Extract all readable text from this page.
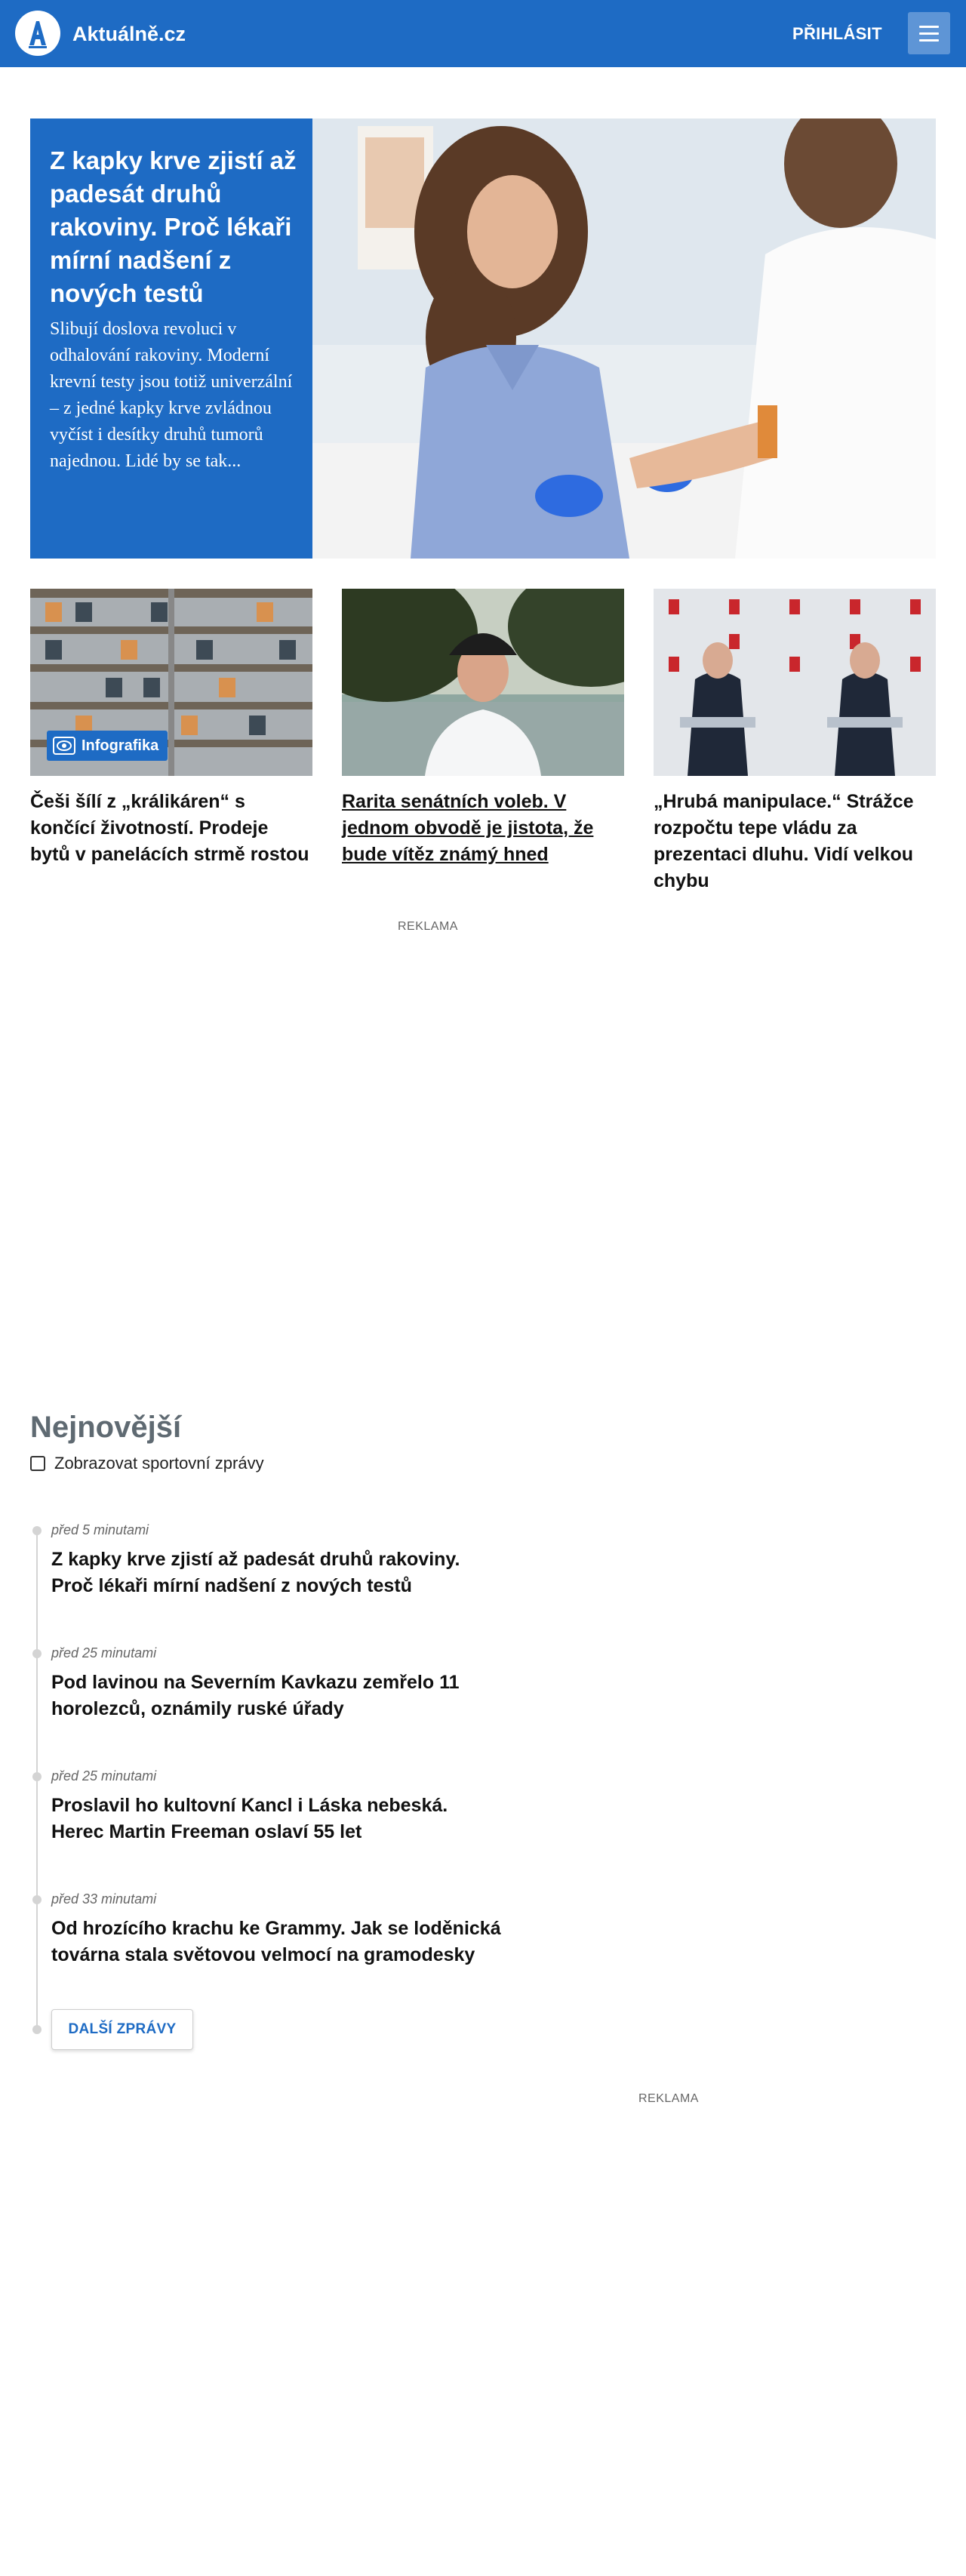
Aktuálně.cz	PŘIHLÁSIT
Z kapky krve zjistí až padesát druhů rakoviny. Proč lékaři mírní nadšení z nových testů
Slibují doslova revoluci v odhalování rakoviny. Moderní krevní testy jsou totiž univerzální – z jedné kapky krve zvládnou vyčíst i desítky druhů tumorů najednou. Lidé by se tak...
Infografika
Češi šílí z „králikáren“ s končící životností. Prodeje bytů v panelácích strmě rostou
Rarita senátních voleb. V jednom obvodě je jistota, že bude vítěz známý hned
„Hrubá manipulace.“ Strážce rozpočtu tepe vládu za prezentaci dluhu. Vidí velkou chybu
REKLAMA
Nejnovější
Zobrazovat sportovní zprávy
před 5 minutami
Z kapky krve zjistí až padesát druhů rakoviny. Proč lékaři mírní nadšení z nových testů
před 25 minutami
Pod lavinou na Severním Kavkazu zemřelo 11 horolezců, oznámily ruské úřady
před 25 minutami
Proslavil ho kultovní Kancl i Láska nebeská. Herec Martin Freeman oslaví 55 let
před 33 minutami
Od hrozícího krachu ke Grammy. Jak se loděnická továrna stala světovou velmocí na gramodesky
DALŠÍ ZPRÁVY
REKLAMA
